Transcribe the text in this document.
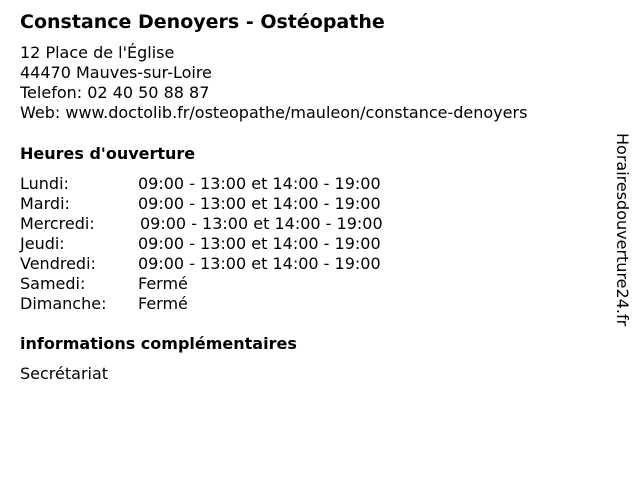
Constance Denoyers - Ostéopathe
12 Place de l'Église
44470 Mauves-sur-Loire
Telefon: 02 40 50 88 87
Web: www.doctolib.fr/osteopathe/mauleon/constance-denoyers
Heures d'ouverture
Lundi:	09:00 - 13:00 et 14:00 - 19:00
Mardi:	09:00 - 13:00 et 14:00 - 19:00
Mercredi:	09:00 - 13:00 et 14:00 - 19:00
Jeudi:	09:00 - 13:00 et 14:00 - 19:00
Vendredi:	09:00 - 13:00 et 14:00 - 19:00
Samedi:	Fermé
Dimanche: Fermé
informations complémentaires
Secrétariat
Horairesdouverture24.fr
